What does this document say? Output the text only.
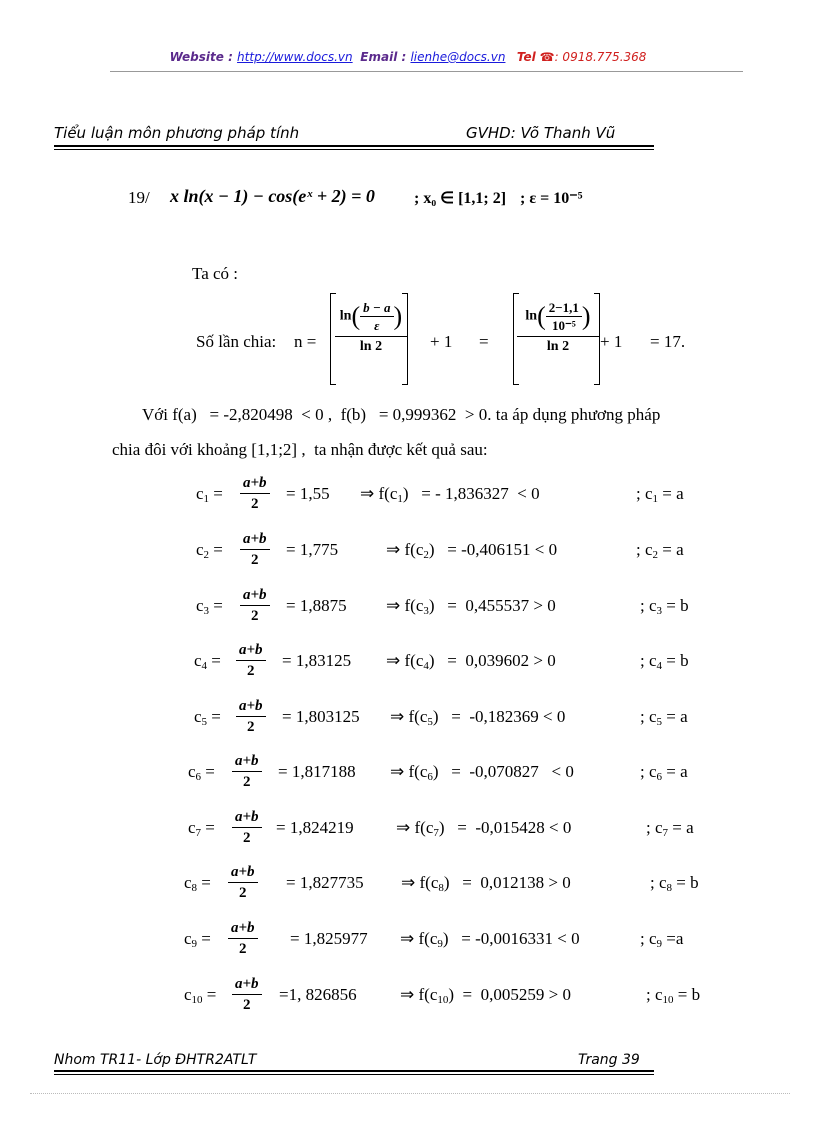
Website : http://www.docs.vn Email : lienhe@docs.vn Tel ☎: 0918.775.368
Tiểu luận môn phương pháp tính	GVHD: Võ Thanh Vũ
19/ x ln(x − 1) − cos(eˣ + 2) = 0 ; x₀ ∈ [1,1; 2] ; ε = 10⁻⁵
Ta có :
Số lần chia: n =
$\ln( \frac{b - a}{\varepsilon}$ )
ln 2	+ 1 =
$\ln( \frac{2-1,1}{\text{10⁻⁵}}$ )
ln 2	+ 1 = 17.
Với f(a)   = -2,820498  < 0 ,  f(b)   = 0,999362  > 0. ta áp dụng phương pháp
chia đôi với khoảng [1,1;2] ,  ta nhận được kết quả sau:
$c_1 = \frac{a+b}{2} = 1,55$ ⇒ $f(c_1)$   = - 1,836327  < 0	; $c_1 = a$
$c_2 = \frac{a+b}{2} = 1,775$	⇒ $f(c_2) = -0,406151 < 0$	; $c_2 = a$
$c_3 = \frac{a+b}{2} = 1,8875$ ⇒ $f(c_3) = 0,455537 > 0$	; $c_3 = b$
$c_4 = \frac{a+b}{2} = 1,83125$ ⇒ $f(c_4) = 0,039602 > 0$	; $c_4 = b$
$c_5 = \frac{a+b}{2} = 1,803125$ ⇒ $f(c_5) = -0,182369 < 0$	; $c_5 = a$
$c_6 = \frac{a+b}{2} = 1,817188$ ⇒ $f(c_6) = -0,070827 < 0$	; $c_6 = a$
$c_7 = \frac{a+b}{2} = 1,824219$ ⇒ $f(c_7) = -0,015428 < 0$	; $c_7 = a$
$c_8 = \frac{a+b}{2} = 1,827735$ ⇒ $f(c_8) = 0,012138 > 0$	; $c_8 = b$
$c_9 = \frac{a+b}{2} = 1,825977$ ⇒ $f(c_9) = -0,0016331 < 0$	; $c_9 =a$
$c_{10} = \frac{a+b}{2} =1$, 826856	⇒ $f(c_{10}) = 0,005259 > 0$	; $c_{10} = b$
Nhom TR11- Lớp ĐHTR2ATLT	Trang 39
